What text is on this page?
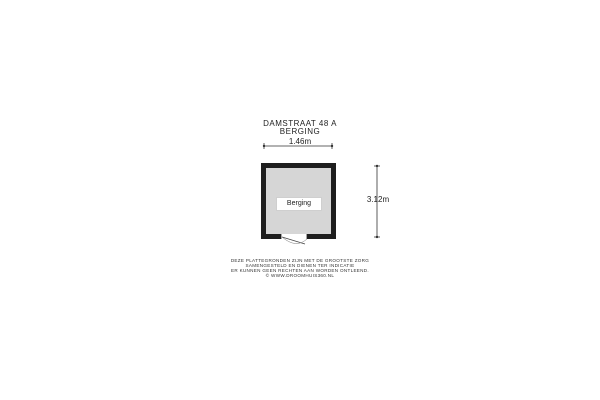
DAMSTRAAT 48 A
BERGING
1.46m
3.12m
Berging
DEZE PLATTEGRONDEN ZIJN MET DE GROOTSTE ZORG
SAMENGESTELD EN DIENEN TER INDICATIE
ER KUNNEN GEEN RECHTEN AAN WORDEN ONTLEEND.
© WWW.DROOMHUIS360.NL
